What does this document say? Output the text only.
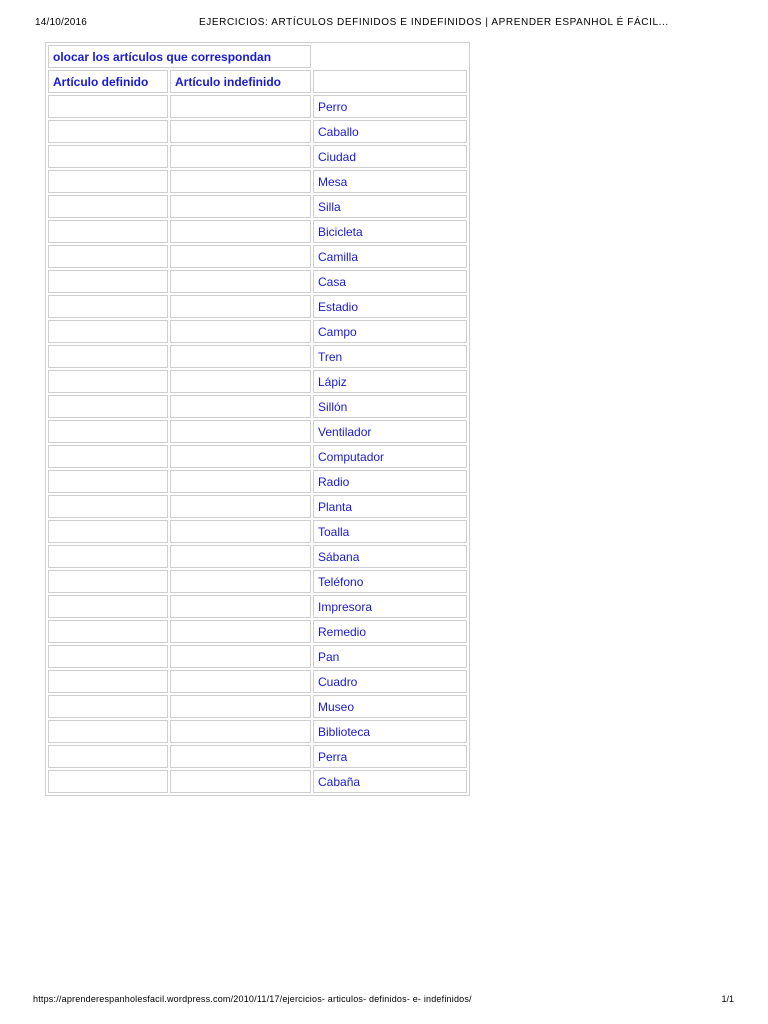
14/10/2016	EJERCICIOS: ARTÍCULOS DEFINIDOS E INDEFINIDOS | APRENDER ESPANHOL É FÁCIL...
olocar los artículos que correspondan		
Artículo definido	Artículo indefinido	
		Perro
		Caballo
		Ciudad
		Mesa
		Silla
		Bicicleta
		Camilla
		Casa
		Estadio
		Campo
		Tren
		Lápiz
		Sillón
		Ventilador
		Computador
		Radio
		Planta
		Toalla
		Sábana
		Teléfono
		Impresora
		Remedio
		Pan
		Cuadro
		Museo
		Biblioteca
		Perra
		Cabaña
https://aprenderespanholesfacil.wordpress.com/2010/11/17/ejercicios- articulos- definidos- e- indefinidos/	1/1
